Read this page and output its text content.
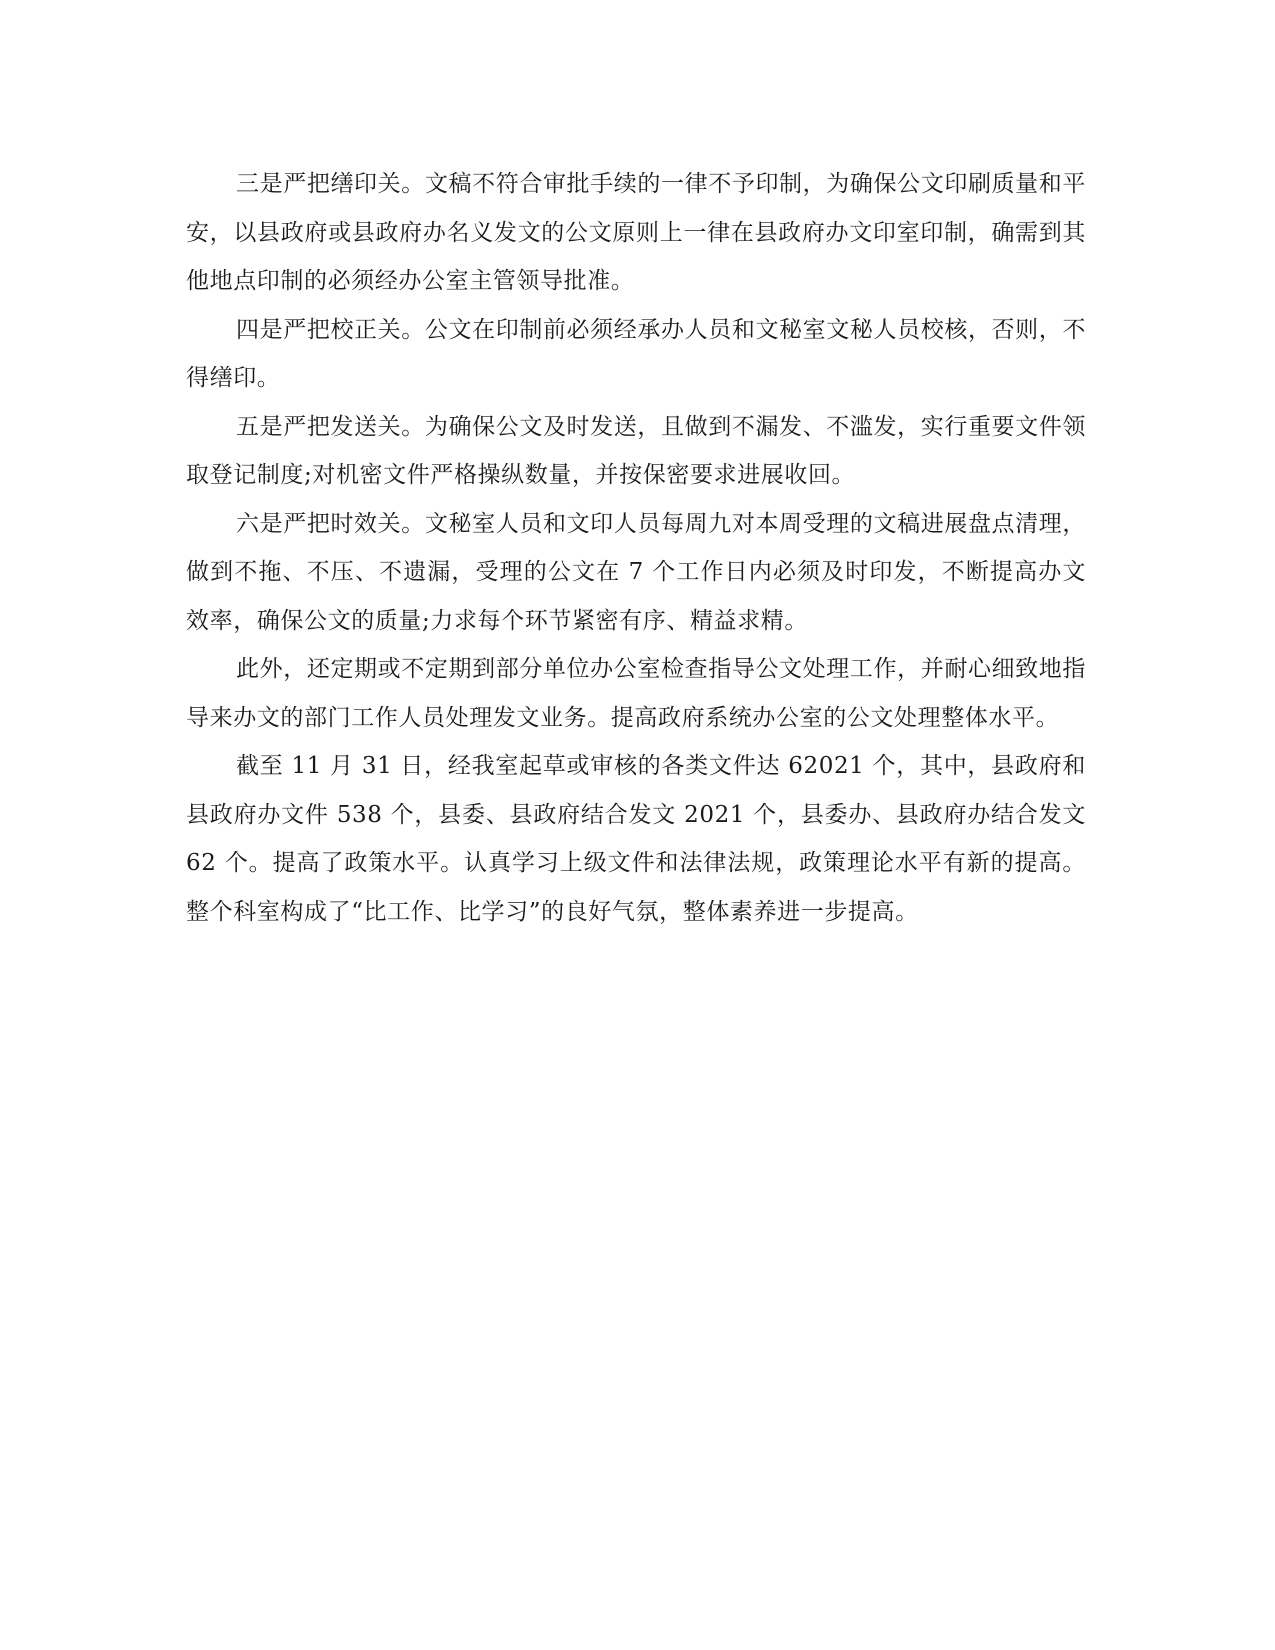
三是严把缮印关。文稿不符合审批手续的一律不予印制，为确保公文印刷质量和平安，以县政府或县政府办名义发文的公文原则上一律在县政府办文印室印制，确需到其他地点印制的必须经办公室主管领导批准。

四是严把校正关。公文在印制前必须经承办人员和文秘室文秘人员校核，否则，不得缮印。

五是严把发送关。为确保公文及时发送，且做到不漏发、不滥发，实行重要文件领取登记制度;对机密文件严格操纵数量，并按保密要求进展收回。

六是严把时效关。文秘室人员和文印人员每周九对本周受理的文稿进展盘点清理，做到不拖、不压、不遗漏，受理的公文在 7 个工作日内必须及时印发，不断提高办文效率，确保公文的质量;力求每个环节紧密有序、精益求精。

此外，还定期或不定期到部分单位办公室检查指导公文处理工作，并耐心细致地指导来办文的部门工作人员处理发文业务。提高政府系统办公室的公文处理整体水平。

截至 11 月 31 日，经我室起草或审核的各类文件达 62021 个，其中，县政府和县政府办文件 538 个，县委、县政府结合发文 2021 个，县委办、县政府办结合发文 62 个。提高了政策水平。认真学习上级文件和法律法规，政策理论水平有新的提高。整个科室构成了“比工作、比学习”的良好气氛，整体素养进一步提高。
